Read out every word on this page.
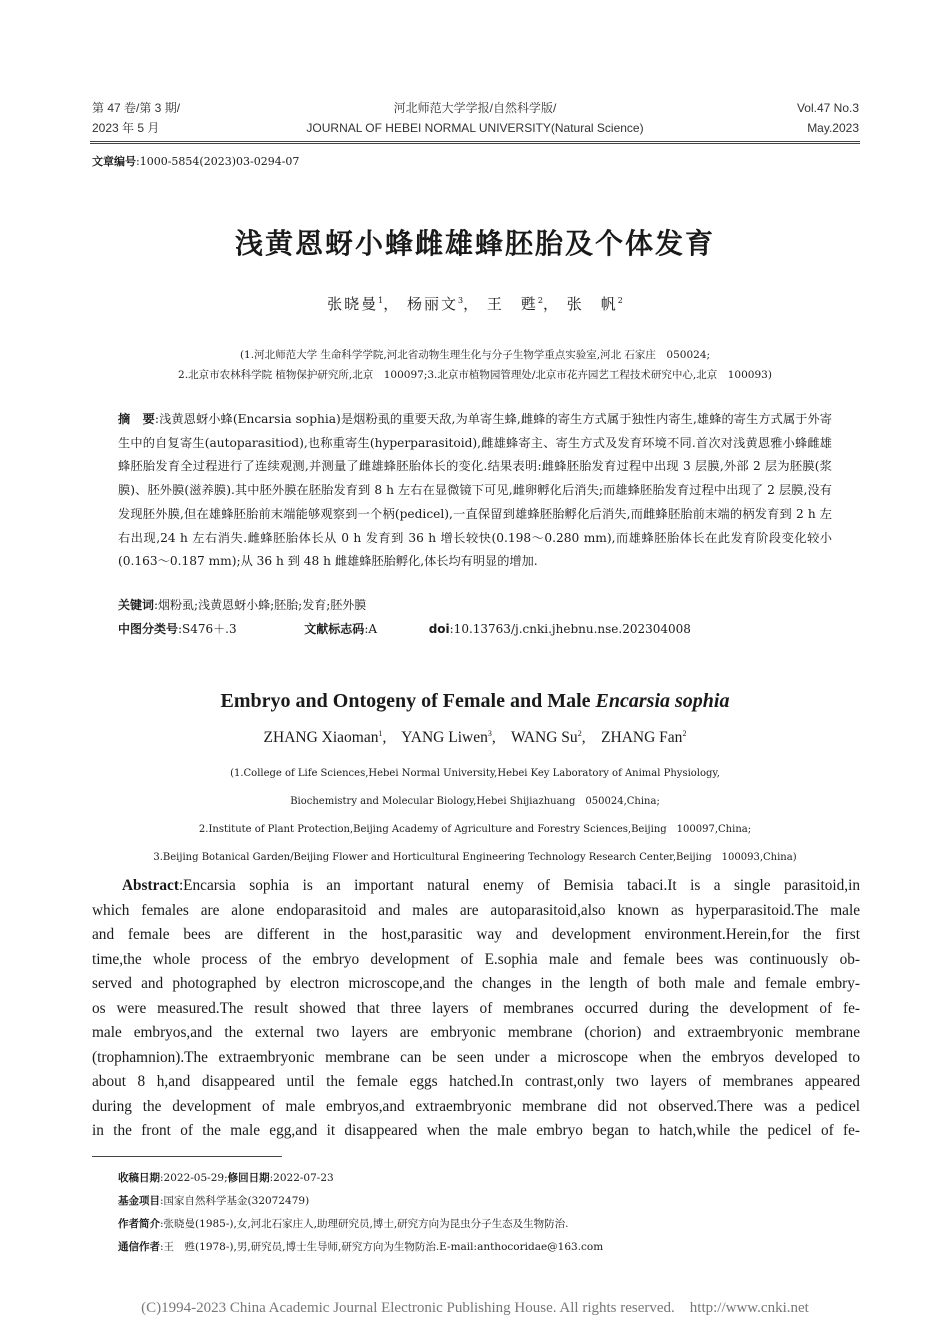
第 47 卷/第 3 期/
2023 年 5 月
河北师范大学学报/自然科学版/
JOURNAL OF HEBEI NORMAL UNIVERSITY(Natural Science)
Vol.47 No.3
May.2023
文章编号:1000-5854(2023)03-0294-07
浅黄恩蚜小蜂雌雄蜂胚胎及个体发育
张晓曼$^1$， 杨丽文$^3$， 王　甦$^2$， 张　帆$^2$
(1.河北师范大学 生命科学学院,河北省动物生理生化与分子生物学重点实验室,河北 石家庄　050024;
2.北京市农林科学院 植物保护研究所,北京　100097;3.北京市植物园管理处/北京市花卉园艺工程技术研究中心,北京　100093)
摘　要:浅黄恩蚜小蜂(Encarsia sophia)是烟粉虱的重要天敌,为单寄生蜂,雌蜂的寄生方式属于独性内寄生,雄蜂的寄生方式属于外寄生中的自复寄生(autoparasitiod),也称重寄生(hyperparasitoid),雌雄蜂寄主、寄生方式及发育环境不同.首次对浅黄恩雅小蜂雌雄蜂胚胎发育全过程进行了连续观测,并测量了雌雄蜂胚胎体长的变化.结果表明:雌蜂胚胎发育过程中出现 3 层膜,外部 2 层为胚膜(浆膜)、胚外膜(滋养膜).其中胚外膜在胚胎发育到 8 h 左右在显微镜下可见,雌卵孵化后消失;而雄蜂胚胎发育过程中出现了 2 层膜,没有发现胚外膜,但在雄蜂胚胎前末端能够观察到一个柄(pedicel),一直保留到雄蜂胚胎孵化后消失,而雌蜂胚胎前末端的柄发育到 2 h 左右出现,24 h 左右消失.雌蜂胚胎体长从 0 h 发育到 36 h 增长较快(0.198～0.280 mm),而雄蜂胚胎体长在此发育阶段变化较小(0.163～0.187 mm);从 36 h 到 48 h 雌雄蜂胚胎孵化,体长均有明显的增加.
关键词:烟粉虱;浅黄恩蚜小蜂;胚胎;发育;胚外膜
中图分类号:S476＋.3	文献标志码:A	doi:10.13763/j.cnki.jhebnu.nse.202304008
Embryo and Ontogeny of Female and Male Encarsia sophia
ZHANG Xiaoman$^1$,    YANG Liwen$^3$,    WANG Su$^2$,    ZHANG Fan$^2$
(1.College of Life Sciences,Hebei Normal University,Hebei Key Laboratory of Animal Physiology,
Biochemistry and Molecular Biology,Hebei Shijiazhuang　050024,China;
2.Institute of Plant Protection,Beijing Academy of Agriculture and Forestry Sciences,Beijing　100097,China;
3.Beijing Botanical Garden/Beijing Flower and Horticultural Engineering Technology Research Center,Beijing　100093,China)
Abstract:Encarsia sophia is an important natural enemy of Bemisia tabaci.It is a single parasitoid,in
which females are alone endoparasitoid and males are autoparasitoid,also known as hyperparasitoid.The male
and female bees are different in the host,parasitic way and development environment.Herein,for the first
time,the whole process of the embryo development of E.sophia male and female bees was continuously ob-
served and photographed by electron microscope,and the changes in the length of both male and female embry-
os were measured.The result showed that three layers of membranes occurred during the development of fe-
male embryos,and the external two layers are embryonic membrane (chorion) and extraembryonic membrane
(trophamnion).The extraembryonic membrane can be seen under a microscope when the embryos developed to
about 8 h,and disappeared until the female eggs hatched.In contrast,only two layers of membranes appeared
during the development of male embryos,and extraembryonic membrane did not observed.There was a pedicel
in the front of the male egg,and it disappeared when the male embryo began to hatch,while the pedicel of fe-
收稿日期:2022-05-29;修回日期:2022-07-23
基金项目:国家自然科学基金(32072479)
作者简介:张晓曼(1985-),女,河北石家庄人,助理研究员,博士,研究方向为昆虫分子生态及生物防治.
通信作者:王　甦(1978-),男,研究员,博士生导师,研究方向为生物防治.E-mail:anthocoridae@163.com
(C)1994-2023 China Academic Journal Electronic Publishing House. All rights reserved.　http://www.cnki.net
